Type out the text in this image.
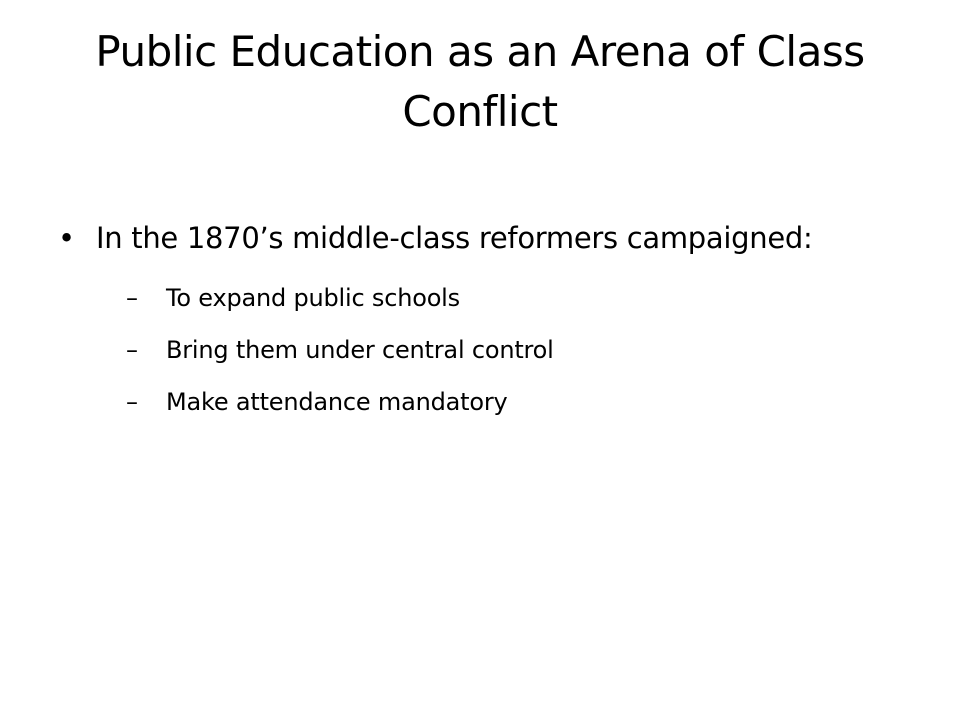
Public Education as an Arena of Class Conflict
• In the 1870’s middle-class reformers campaigned:
–	To expand public schools
–	Bring them under central control
–	Make attendance mandatory
